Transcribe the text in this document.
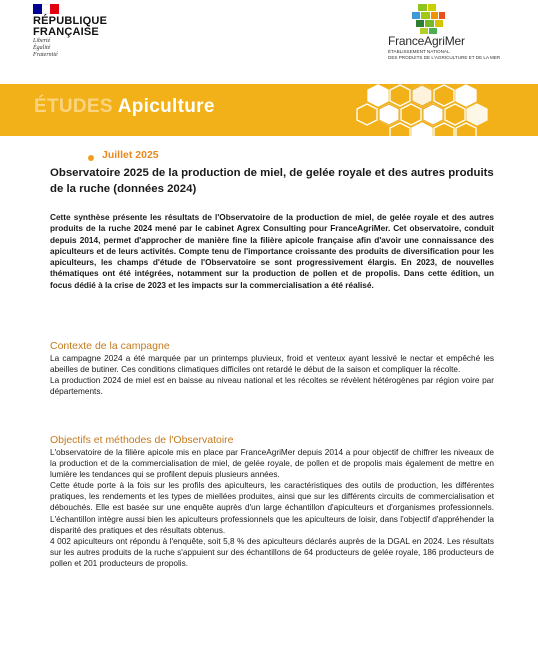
RÉPUBLIQUE
FRANÇAISE
Liberté
Égalité
Fraternité
FranceAgriMer
ÉTABLISSEMENT NATIONAL
DES PRODUITS DE L'AGRICULTURE ET DE LA MER
ÉTUDES Apiculture
Juillet 2025
Observatoire 2025 de la production de miel, de gelée royale et des autres produits de la ruche (données 2024)
Cette synthèse présente les résultats de l'Observatoire de la production de miel, de gelée royale et des autres produits de la ruche 2024 mené par le cabinet Agrex Consulting pour FranceAgriMer. Cet observatoire, conduit depuis 2014, permet d'approcher de manière fine la filière apicole française afin d'avoir une connaissance des apiculteurs et de leurs activités. Compte tenu de l'importance croissante des produits de diversification pour les apiculteurs, les champs d'étude de l'Observatoire se sont progressivement élargis. En 2023, de nouvelles thématiques ont été intégrées, notamment sur la production de pollen et de propolis. Dans cette édition, un focus dédié à la crise de 2023 et les impacts sur la commercialisation a été réalisé.
Contexte de la campagne

La campagne 2024 a été marquée par un printemps pluvieux, froid et venteux ayant lessivé le nectar et empêché les abeilles de butiner. Ces conditions climatiques difficiles ont retardé le début de la saison et compliquer la récolte.

La production 2024 de miel est en baisse au niveau national et les récoltes se révèlent hétérogènes par région voire par départements.

Objectifs et méthodes de l'Observatoire

L'observatoire de la filière apicole mis en place par FranceAgriMer depuis 2014 a pour objectif de chiffrer les niveaux de la production et de la commercialisation de miel, de gelée royale, de pollen et de propolis mais également de mettre en lumière les tendances qui se profilent depuis plusieurs années.

Cette étude porte à la fois sur les profils des apiculteurs, les caractéristiques des outils de production, les différentes pratiques, les rendements et les types de miellées produites, ainsi que sur les différents circuits de commercialisation et débouchés. Elle est basée sur une enquête auprès d'un large échantillon d'apiculteurs et d'organismes professionnels. L'échantillon intègre aussi bien les apiculteurs professionnels que les apiculteurs de loisir, dans l'objectif d'appréhender la disparité des pratiques et des résultats obtenus.

4 002 apiculteurs ont répondu à l'enquête, soit 5,8 % des apiculteurs déclarés auprès de la DGAL en 2024. Les résultats sur les autres produits de la ruche s'appuient sur des échantillons de 64 producteurs de gelée royale, 186 producteurs de pollen et 201 producteurs de propolis.
